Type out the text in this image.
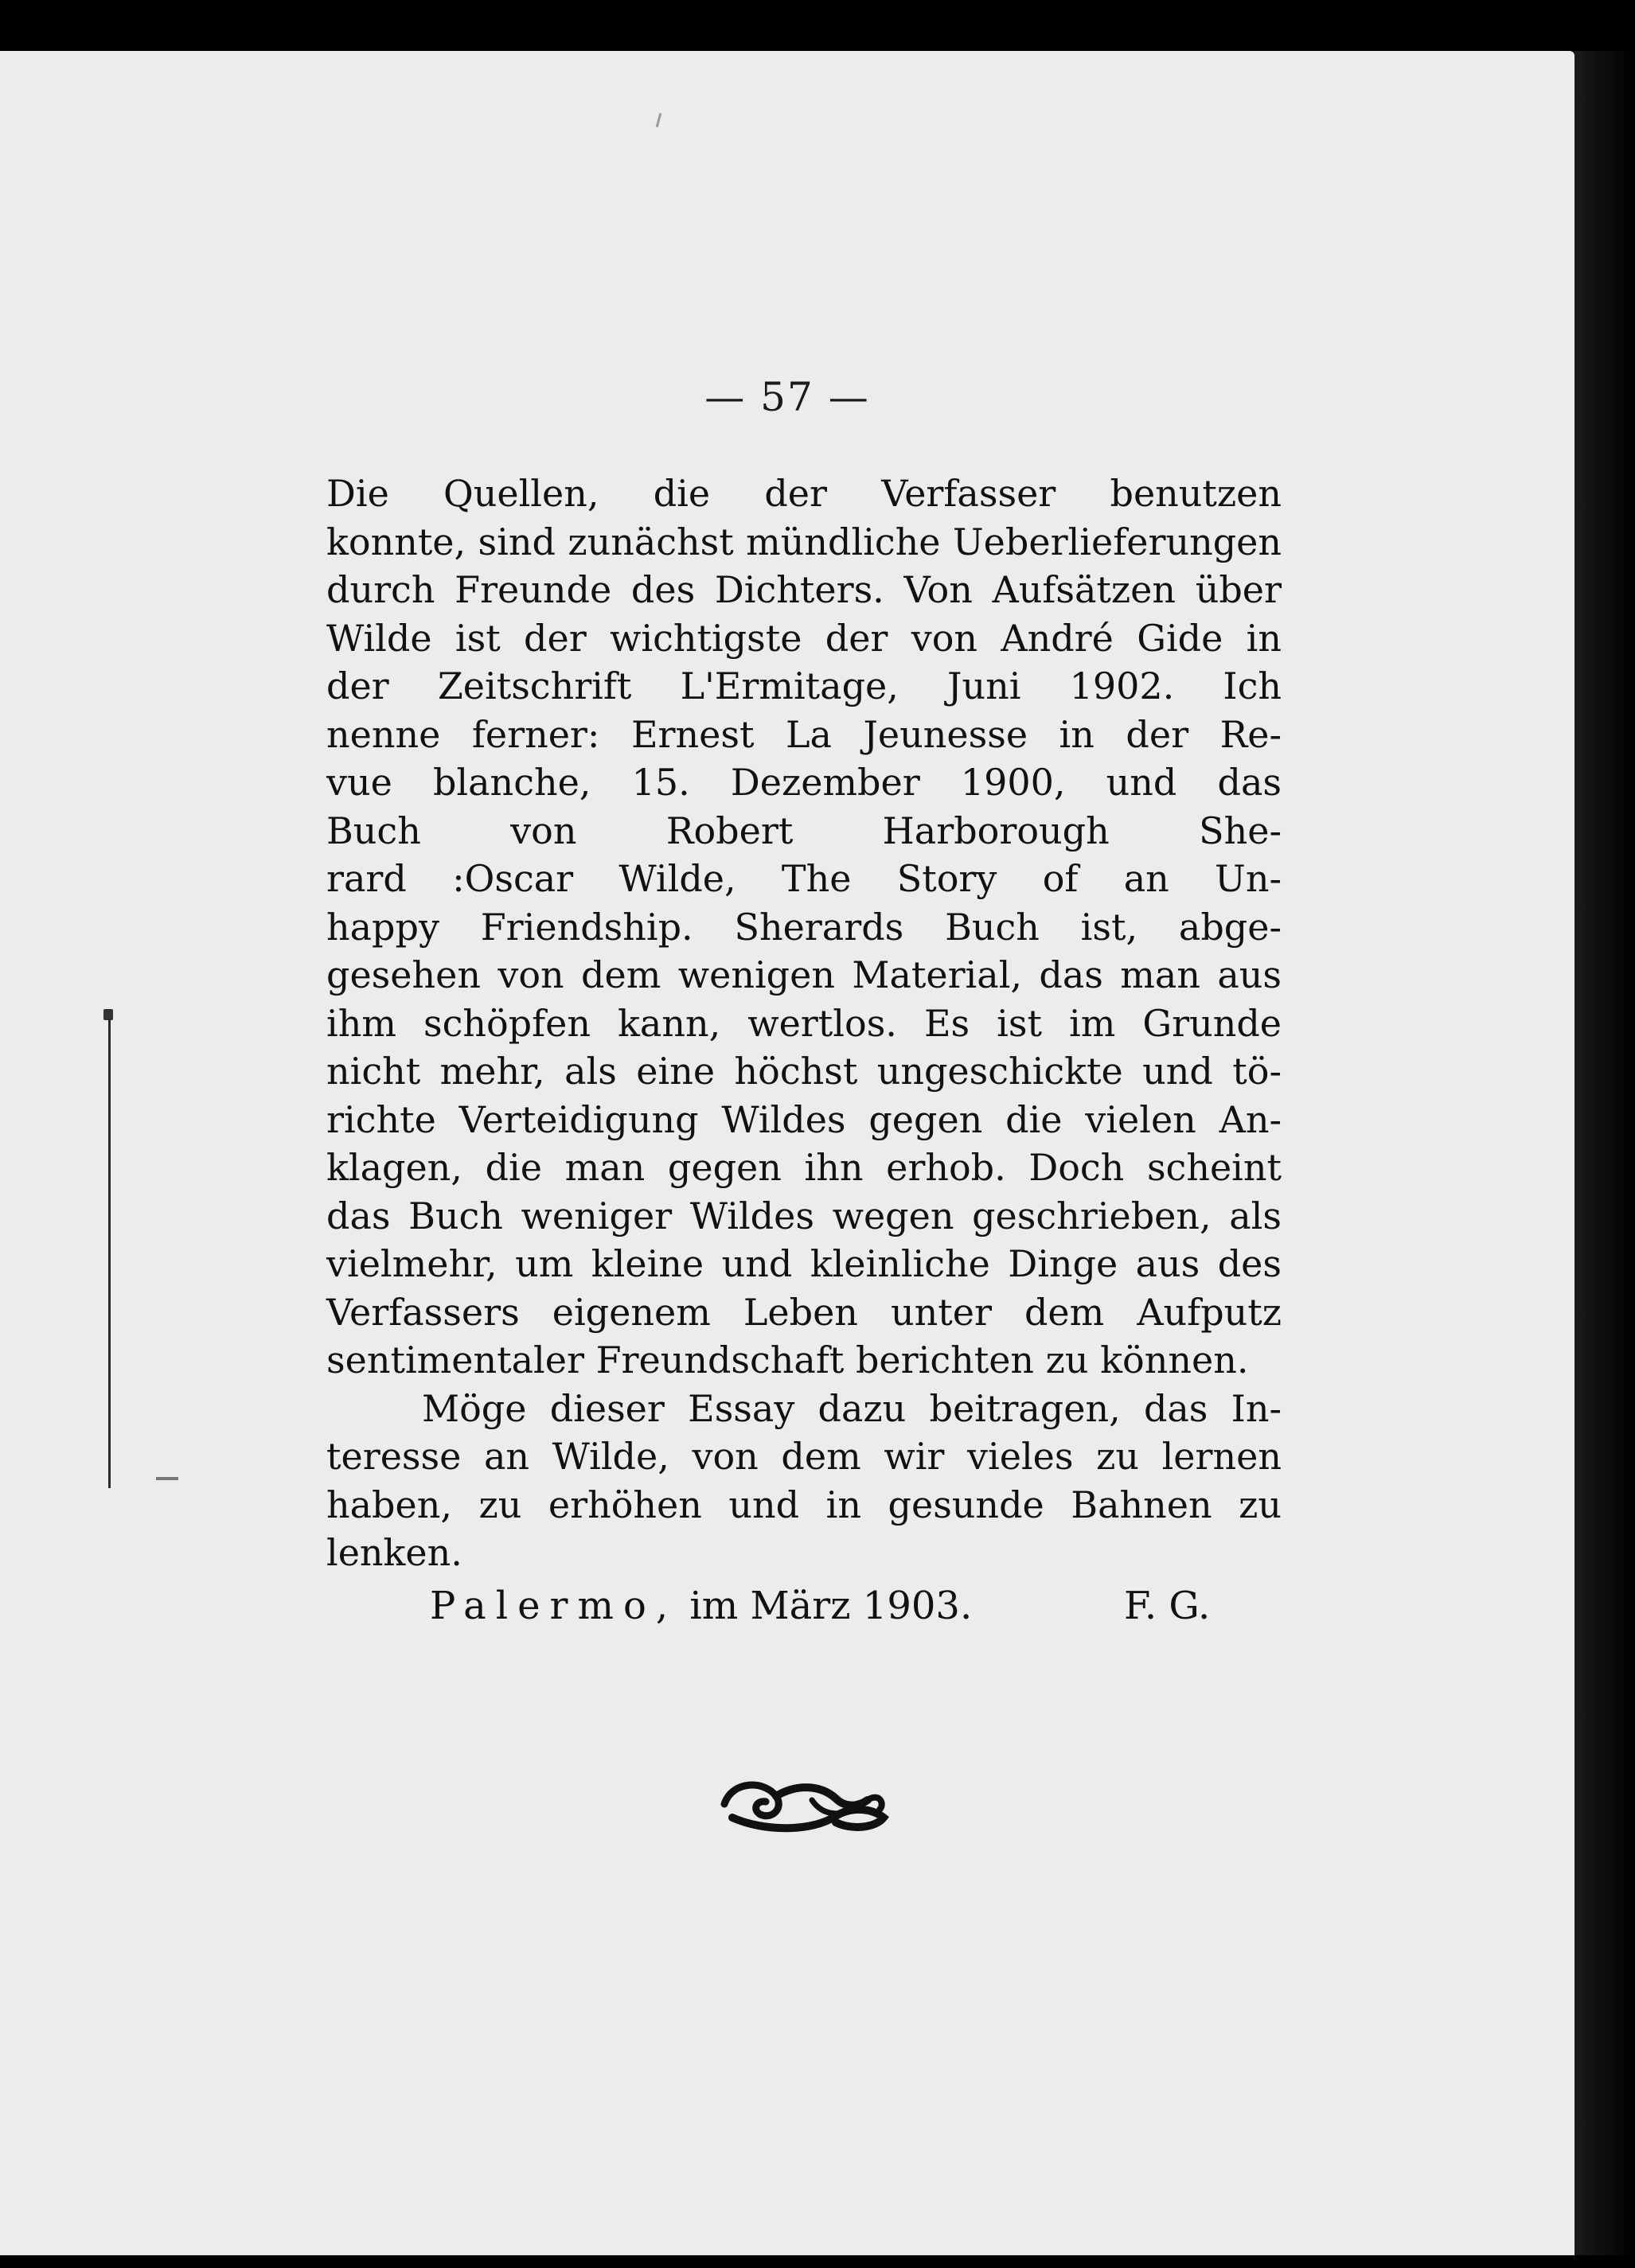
— 57 —
Die Quellen, die der Verfasser benutzen
konnte, sind zunächst mündliche Ueberlieferungen
durch Freunde des Dichters. Von Aufsätzen über
Wilde ist der wichtigste der von André Gide in
der Zeitschrift L'Ermitage, Juni 1902. Ich
nenne ferner: Ernest La Jeunesse in der Re-
vue blanche, 15. Dezember 1900, und das
Buch von Robert Harborough She-
rard :Oscar Wilde, The Story of an Un-
happy Friendship. Sherards Buch ist, abge-
gesehen von dem wenigen Material, das man aus
ihm schöpfen kann, wertlos. Es ist im Grunde
nicht mehr, als eine höchst ungeschickte und tö-
richte Verteidigung Wildes gegen die vielen An-
klagen, die man gegen ihn erhob. Doch scheint
das Buch weniger Wildes wegen geschrieben, als
vielmehr, um kleine und kleinliche Dinge aus des
Verfassers eigenem Leben unter dem Aufputz
sentimentaler Freundschaft berichten zu können.
Möge dieser Essay dazu beitragen, das In-
teresse an Wilde, von dem wir vieles zu lernen
haben, zu erhöhen und in gesunde Bahnen zu
lenken.
Palermo, im März 1903.	F. G.
